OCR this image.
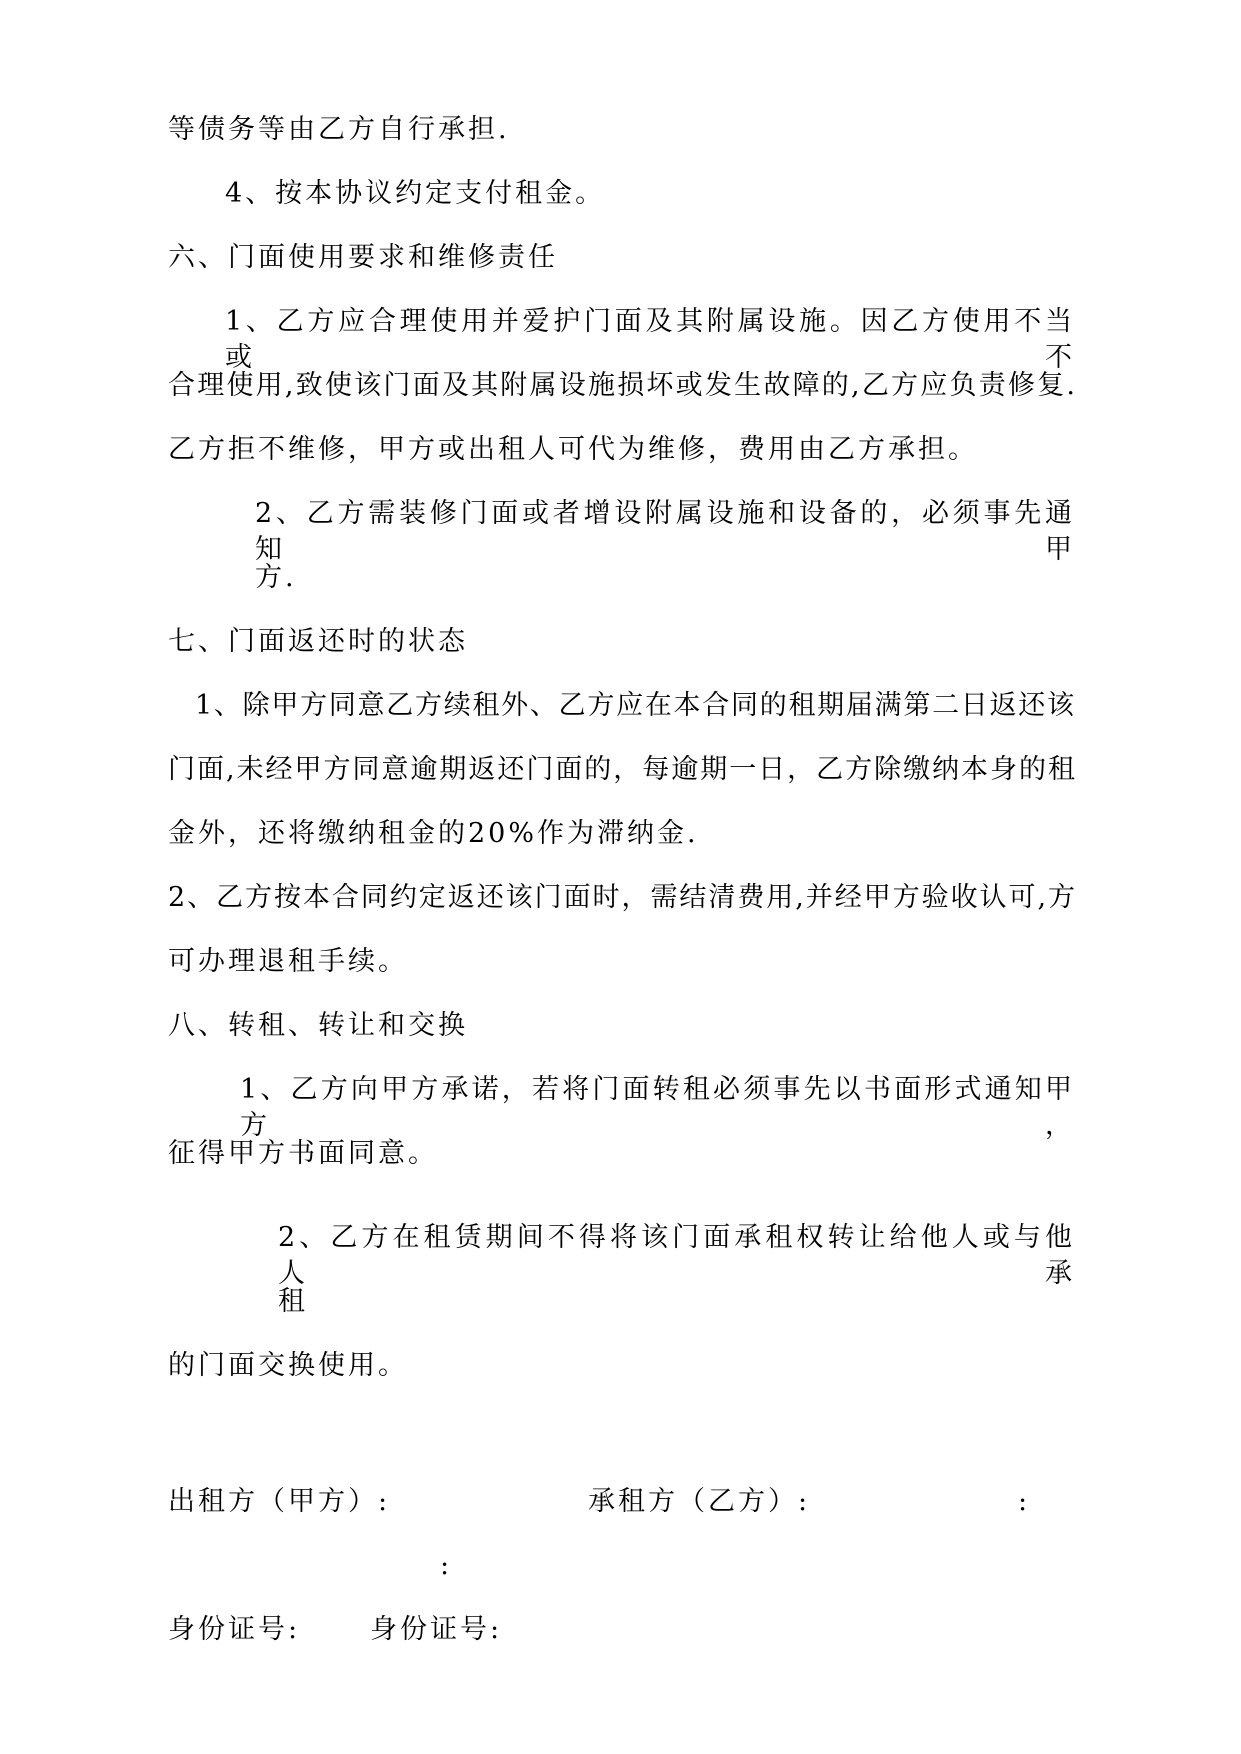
等债务等由乙方自行承担.
4、按本协议约定支付租金。
六、门面使用要求和维修责任
1、乙方应合理使用并爱护门面及其附属设施。因乙方使用不当或不
合理使用,致使该门面及其附属设施损坏或发生故障的,乙方应负责修复.
乙方拒不维修，甲方或出租人可代为维修，费用由乙方承担。
2、乙方需装修门面或者增设附属设施和设备的，必须事先通知甲
方.
七、门面返还时的状态
1、除甲方同意乙方续租外、乙方应在本合同的租期届满第二日返还该
门面,未经甲方同意逾期返还门面的，每逾期一日，乙方除缴纳本身的租
金外，还将缴纳租金的20%作为滞纳金.
2、乙方按本合同约定返还该门面时，需结清费用,并经甲方验收认可,方
可办理退租手续。
八、转租、转让和交换
1、乙方向甲方承诺，若将门面转租必须事先以书面形式通知甲方，
征得甲方书面同意。
2、乙方在租赁期间不得将该门面承租权转让给他人或与他人承
租
的门面交换使用。
出租方（甲方）:	承租方（乙方）:	:
:
身份证号:	身份证号:
